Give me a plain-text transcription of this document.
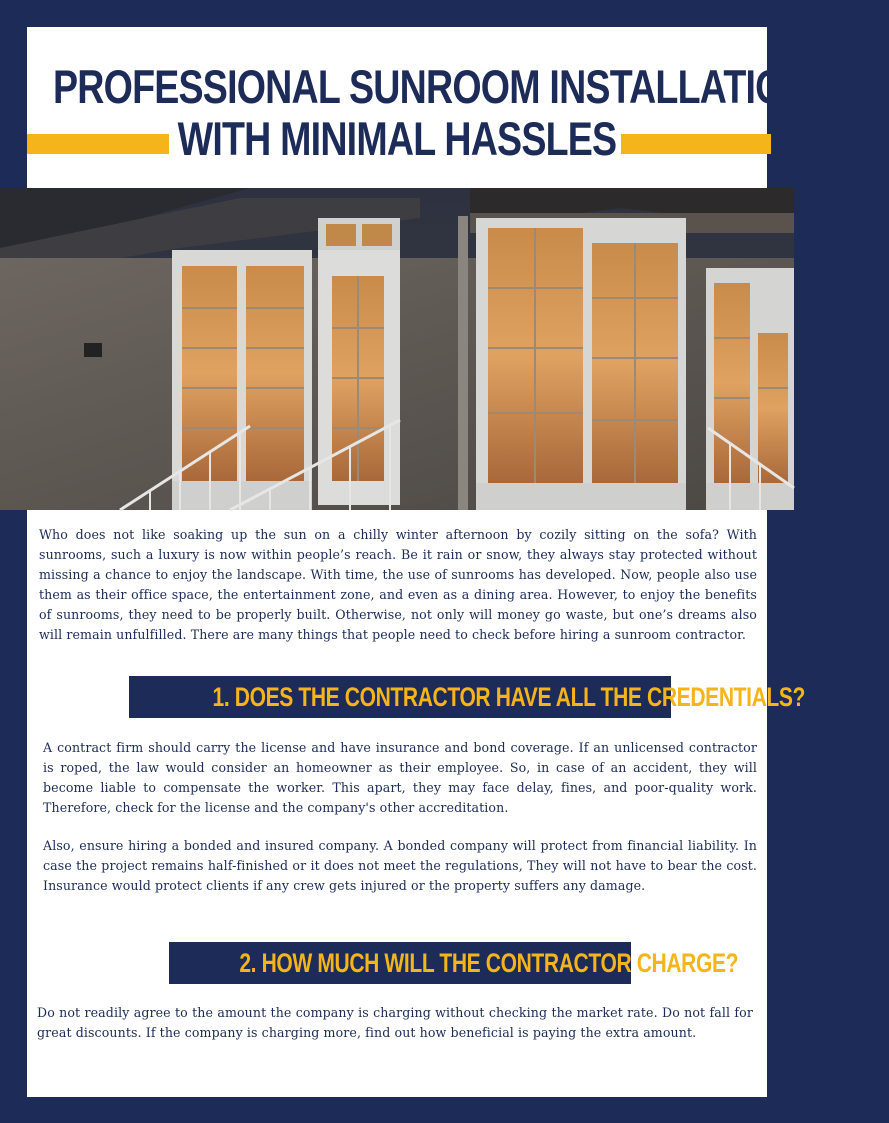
PROFESSIONAL SUNROOM INSTALLATIONS
WITH MINIMAL HASSLES
Who does not like soaking up the sun on a chilly winter afternoon by cozily sitting on the sofa? With sunrooms, such a luxury is now within people’s reach. Be it rain or snow, they always stay protected without missing a chance to enjoy the landscape. With time, the use of sunrooms has developed. Now, people also use them as their office space, the entertainment zone, and even as a dining area. However, to enjoy the benefits of sunrooms, they need to be properly built. Otherwise, not only will money go waste, but one’s dreams also will remain unfulfilled. There are many things that people need to check before hiring a sunroom contractor.
1. DOES THE CONTRACTOR HAVE ALL THE CREDENTIALS?
A contract firm should carry the license and have insurance and bond coverage. If an unlicensed contractor is roped, the law would consider an homeowner as their employee. So, in case of an accident, they will become liable to compensate the worker. This apart, they may face delay, fines, and poor-quality work. Therefore, check for the license and the company's other accreditation.
Also, ensure hiring a bonded and insured company. A bonded company will protect from financial liability. In case the project remains half-finished or it does not meet the regulations, They will not have to bear the cost. Insurance would protect clients if any crew gets injured or the property suffers any damage.
2. HOW MUCH WILL THE CONTRACTOR CHARGE?
Do not readily agree to the amount the company is charging without checking the market rate. Do not fall for great discounts. If the company is charging more, find out how beneficial is paying the extra amount.
